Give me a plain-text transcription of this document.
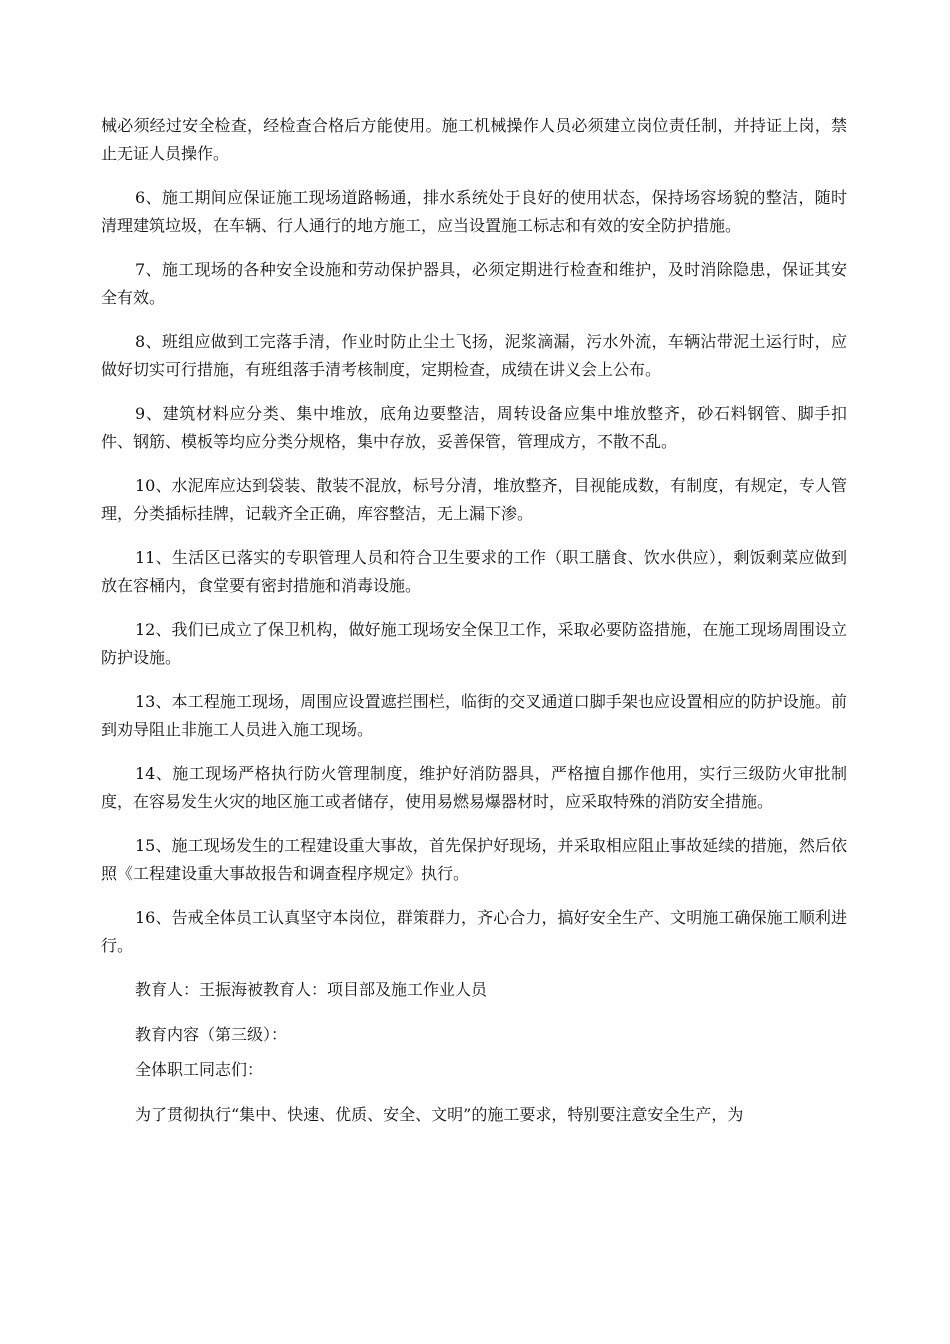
械必须经过安全检查，经检查合格后方能使用。施工机械操作人员必须建立岗位责任制，并持证上岗，禁止无证人员操作。

6、施工期间应保证施工现场道路畅通，排水系统处于良好的使用状态，保持场容场貌的整洁，随时清理建筑垃圾，在车辆、行人通行的地方施工，应当设置施工标志和有效的安全防护措施。

7、施工现场的各种安全设施和劳动保护器具，必须定期进行检查和维护，及时消除隐患，保证其安全有效。

8、班组应做到工完落手清，作业时防止尘土飞扬，泥浆滴漏，污水外流，车辆沾带泥土运行时，应做好切实可行措施，有班组落手清考核制度，定期检查，成绩在讲义会上公布。

9、建筑材料应分类、集中堆放，底角边要整洁，周转设备应集中堆放整齐，砂石料钢管、脚手扣件、钢筋、模板等均应分类分规格，集中存放，妥善保管，管理成方，不散不乱。

10、水泥库应达到袋装、散装不混放，标号分清，堆放整齐，目视能成数，有制度，有规定，专人管理，分类插标挂牌，记载齐全正确，库容整洁，无上漏下渗。

11、生活区已落实的专职管理人员和符合卫生要求的工作（职工膳食、饮水供应），剩饭剩菜应做到放在容桶内，食堂要有密封措施和消毒设施。

12、我们已成立了保卫机构，做好施工现场安全保卫工作，采取必要防盗措施，在施工现场周围设立防护设施。

13、本工程施工现场，周围应设置遮拦围栏，临街的交叉通道口脚手架也应设置相应的防护设施。前到劝导阻止非施工人员进入施工现场。

14、施工现场严格执行防火管理制度，维护好消防器具，严格擅自挪作他用，实行三级防火审批制度，在容易发生火灾的地区施工或者储存，使用易燃易爆器材时，应采取特殊的消防安全措施。

15、施工现场发生的工程建设重大事故，首先保护好现场，并采取相应阻止事故延续的措施，然后依照《工程建设重大事故报告和调查程序规定》执行。

16、告戒全体员工认真坚守本岗位，群策群力，齐心合力，搞好安全生产、文明施工确保施工顺利进行。

教育人：王振海被教育人：项目部及施工作业人员

教育内容（第三级）：

全体职工同志们：

为了贯彻执行“集中、快速、优质、安全、文明”的施工要求，特别要注意安全生产，为
